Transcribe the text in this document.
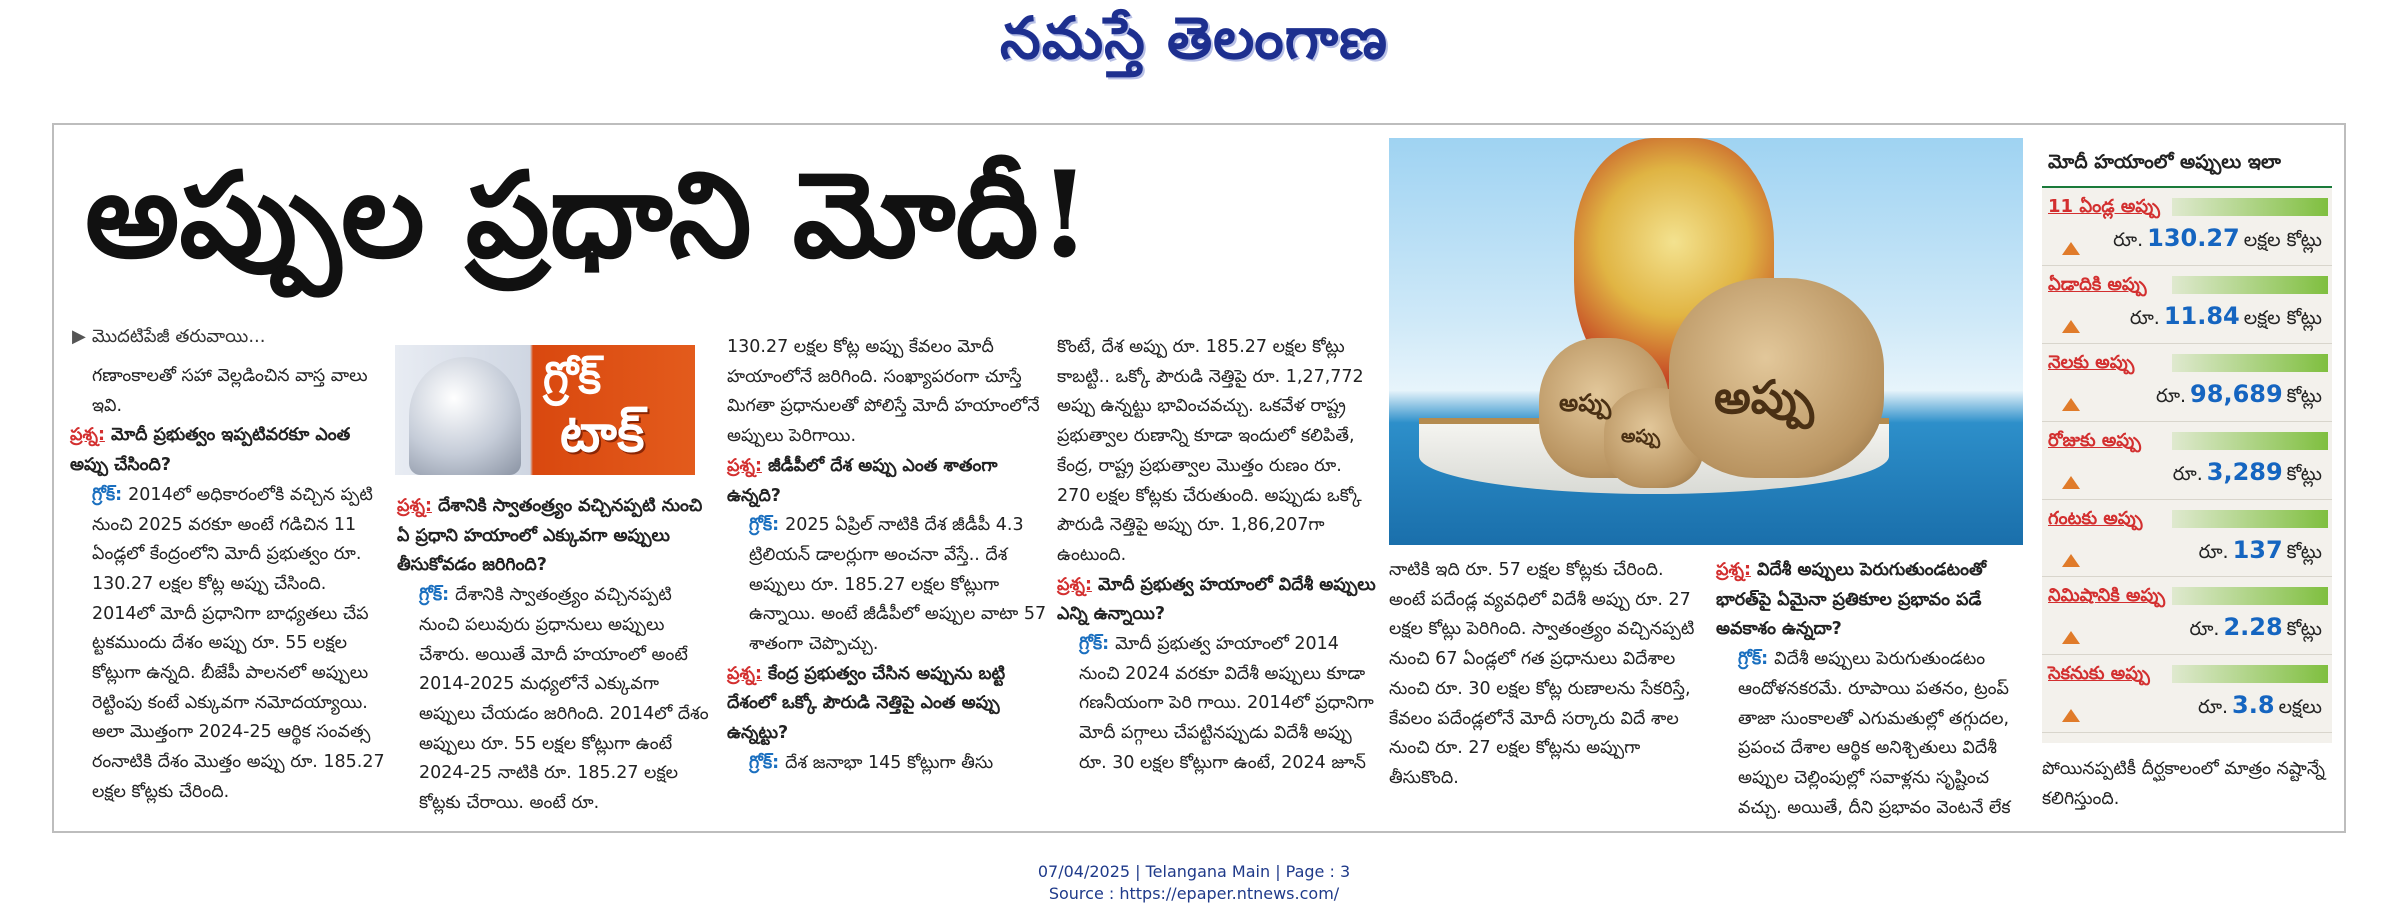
నమస్తే తెలంగాణ
అప్పుల ప్రధాని మోదీ!
▶ మొదటిపేజీ తరువాయి...

గణాంకాలతో సహా వెల్లడించిన వాస్త వాలు ఇవి.

ప్రశ్న: మోదీ ప్రభుత్వం ఇప్పటివరకూ ఎంత అప్పు చేసింది?

గ్రోక్: 2014లో అధికారంలోకి వచ్చిన ప్పటి నుంచి 2025 వరకూ అంటే గడిచిన 11 ఏండ్లలో కేంద్రంలోని మోదీ ప్రభుత్వం రూ. 130.27 లక్షల కోట్ల అప్పు చేసింది. 2014లో మోదీ ప్రధానిగా బాధ్యతలు చేప ట్టకముందు దేశం అప్పు రూ. 55 లక్షల కోట్లుగా ఉన్నది. బీజేపీ పాలనలో అప్పులు రెట్టింపు కంటే ఎక్కువగా నమోదయ్యాయి. అలా మొత్తంగా 2024-25 ఆర్థిక సంవత్స రంనాటికి దేశం మొత్తం అప్పు రూ. 185.27 లక్షల కోట్లకు చేరింది.

గ్రోక్
టాక్

ప్రశ్న: దేశానికి స్వాతంత్ర్యం వచ్చినప్పటి నుంచి ఏ ప్రధాని హయాంలో ఎక్కువగా అప్పులు తీసుకోవడం జరిగింది?

గ్రోక్: దేశానికి స్వాతంత్ర్యం వచ్చినప్పటి నుంచి పలువురు ప్రధానులు అప్పులు చేశారు. అయితే మోదీ హయాంలో అంటే 2014-2025 మధ్యలోనే ఎక్కువగా అప్పులు చేయడం జరిగింది. 2014లో దేశం అప్పులు రూ. 55 లక్షల కోట్లుగా ఉంటే 2024-25 నాటికి రూ. 185.27 లక్షల కోట్లకు చేరాయి. అంటే రూ.

130.27 లక్షల కోట్ల అప్పు కేవలం మోదీ హయాంలోనే జరిగింది. సంఖ్యాపరంగా చూస్తే మిగతా ప్రధానులతో పోలిస్తే మోదీ హయాంలోనే అప్పులు పెరిగాయి.

ప్రశ్న: జీడీపీలో దేశ అప్పు ఎంత శాతంగా ఉన్నది?

గ్రోక్: 2025 ఏప్రిల్ నాటికి దేశ జీడీపీ 4.3 ట్రిలియన్ డాలర్లుగా అంచనా వేస్తే.. దేశ అప్పులు రూ. 185.27 లక్షల కోట్లుగా ఉన్నాయి. అంటే జీడీపీలో అప్పుల వాటా 57 శాతంగా చెప్పొచ్చు.

ప్రశ్న: కేంద్ర ప్రభుత్వం చేసిన అప్పును బట్టి దేశంలో ఒక్కో పౌరుడి నెత్తిపై ఎంత అప్పు ఉన్నట్టు?

గ్రోక్: దేశ జనాభా 145 కోట్లుగా తీసు

కొంటే, దేశ అప్పు రూ. 185.27 లక్షల కోట్లు కాబట్టి.. ఒక్కో పౌరుడి నెత్తిపై రూ. 1,27,772 అప్పు ఉన్నట్టు భావించవచ్చు. ఒకవేళ రాష్ట్ర ప్రభుత్వాల రుణాన్ని కూడా ఇందులో కలిపితే, కేంద్ర, రాష్ట్ర ప్రభుత్వాల మొత్తం రుణం రూ. 270 లక్షల కోట్లకు చేరుతుంది. అప్పుడు ఒక్కో పౌరుడి నెత్తిపై అప్పు రూ. 1,86,207గా ఉంటుంది.

ప్రశ్న: మోదీ ప్రభుత్వ హయాంలో విదేశీ అప్పులు ఎన్ని ఉన్నాయి?

గ్రోక్: మోదీ ప్రభుత్వ హయాంలో 2014 నుంచి 2024 వరకూ విదేశీ అప్పులు కూడా గణనీయంగా పెరి గాయి. 2014లో ప్రధానిగా మోదీ పగ్గాలు చేపట్టినప్పుడు విదేశీ అప్పు రూ. 30 లక్షల కోట్లుగా ఉంటే, 2024 జూన్

అప్పు
అప్పు
అప్పు

నాటికి ఇది రూ. 57 లక్షల కోట్లకు చేరింది. అంటే పదేండ్ల వ్యవధిలో విదేశీ అప్పు రూ. 27 లక్షల కోట్లు పెరిగింది. స్వాతంత్ర్యం వచ్చినప్పటి నుంచి 67 ఏండ్లలో గత ప్రధానులు విదేశాల నుంచి రూ. 30 లక్షల కోట్ల రుణాలను సేకరిస్తే, కేవలం పదేండ్లలోనే మోదీ సర్కారు విదే శాల నుంచి రూ. 27 లక్షల కోట్లను అప్పుగా తీసుకొంది.

ప్రశ్న: విదేశీ అప్పులు పెరుగుతుండటంతో భారత్‌పై ఏమైనా ప్రతికూల ప్రభావం పడే అవకాశం ఉన్నదా?

గ్రోక్: విదేశీ అప్పులు పెరుగుతుండటం ఆందోళనకరమే. రూపాయి పతనం, ట్రంప్ తాజా సుంకాలతో ఎగుమతుల్లో తగ్గుదల, ప్రపంచ దేశాల ఆర్థిక అనిశ్చితులు విదేశీ అప్పుల చెల్లింపుల్లో సవాళ్లను సృష్టించ వచ్చు. అయితే, దీని ప్రభావం వెంటనే లేక

పోయినప్పటికీ దీర్ఘకాలంలో మాత్రం నష్టాన్నే కలిగిస్తుంది.

మోదీ హయాంలో అప్పులు ఇలా
11 ఏండ్ల అప్పు
రూ. 130.27 లక్షల కోట్లు
ఏడాదికి అప్పు
రూ. 11.84 లక్షల కోట్లు
నెలకు అప్పు
రూ. 98,689 కోట్లు
రోజుకు అప్పు
రూ. 3,289 కోట్లు
గంటకు అప్పు
రూ. 137 కోట్లు
నిమిషానికి అప్పు
రూ. 2.28 కోట్లు
సెకనుకు అప్పు
రూ. 3.8 లక్షలు
07/04/2025 | Telangana Main | Page : 3
Source : https://epaper.ntnews.com/
